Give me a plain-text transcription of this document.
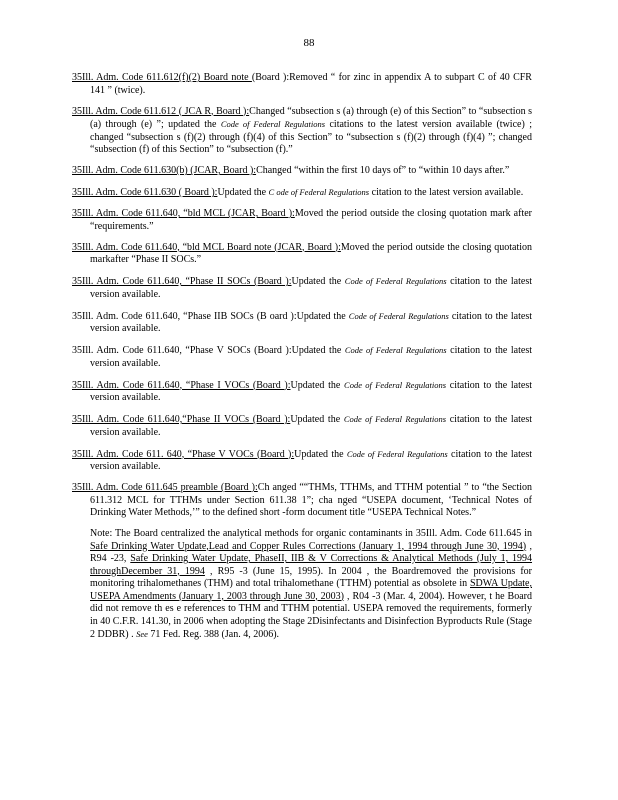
88

35Ill. Adm. Code 611.612(f)(2) Board note (Board ):Removed “ for zinc in appendix A to subpart C of 40 CFR 141 ” (twice).

35Ill. Adm. Code 611.612 ( JCA R, Board ):Changed “subsection s (a) through (e) of this Section” to “subsection s (a) through (e) ”; updated the Code of Federal Regulations citations to the latest version available (twice) ; changed “subsection s (f)(2) through (f)(4) of this Section” to “subsection s (f)(2) through (f)(4) ”; changed “subsection (f) of this Section” to “subsection (f).”

35Ill. Adm. Code 611.630(b) (JCAR, Board ):Changed “within the first 10 days of” to “within 10 days after.”

35Ill. Adm. Code 611.630 ( Board ):Updated the C ode of Federal Regulations citation to the latest version available.

35Ill. Adm. Code 611.640, “bld MCL (JCAR, Board ):Moved the period outside the closing quotation mark after “requirements.”

35Ill. Adm. Code 611.640, “bld MCL Board note (JCAR, Board ):Moved the period outside the closing quotation markafter “Phase II SOCs.”

35Ill. Adm. Code 611.640, “Phase II SOCs (Board ):Updated the Code of Federal Regulations citation to the latest version available.

35Ill. Adm. Code 611.640, “Phase IIB SOCs (B oard ):Updated the Code of Federal Regulations citation to the latest version available.

35Ill. Adm. Code 611.640, “Phase V SOCs (Board ):Updated the Code of Federal Regulations citation to the latest version available.

35Ill. Adm. Code 611.640, “Phase I VOCs (Board ):Updated the Code of Federal Regulations citation to the latest version available.

35Ill. Adm. Code 611.640,“Phase II VOCs (Board ):Updated the Code of Federal Regulations citation to the latest version available.

35Ill. Adm. Code 611. 640, “Phase V VOCs (Board ):Updated the Code of Federal Regulations citation to the latest version available.

35Ill. Adm. Code 611.645 preamble (Board ):Ch anged ““THMs, TTHMs, and TTHM potential ” to “the Section 611.312 MCL for TTHMs under Section 611.38 1”; cha nged “USEPA document, ‘Technical Notes of Drinking Water Methods,’” to the defined short -form document title “USEPA Technical Notes.”

Note: The Board centralized the analytical methods for organic contaminants in 35Ill. Adm. Code 611.645 in Safe Drinking Water Update,Lead and Copper Rules Corrections (January 1, 1994 through June 30, 1994) , R94 -23, Safe Drinking Water Update, PhaseII, IIB & V Corrections & Analytical Methods (July 1, 1994 throughDecember 31, 1994 , R95 -3 (June 15, 1995). In 2004 , the Boardremoved the provisions for monitoring trihalomethanes (THM) and total trihalomethane (TTHM) potential as obsolete in SDWA Update, USEPA Amendments (January 1, 2003 through June 30, 2003) , R04 -3 (Mar. 4, 2004). However, t he Board did not remove th es e references to THM and TTHM potential. USEPA removed the requirements, formerly in 40 C.F.R. 141.30, in 2006 when adopting the Stage 2Disinfectants and Disinfection Byproducts Rule (Stage 2 DDBR) . See 71 Fed. Reg. 388 (Jan. 4, 2006).
